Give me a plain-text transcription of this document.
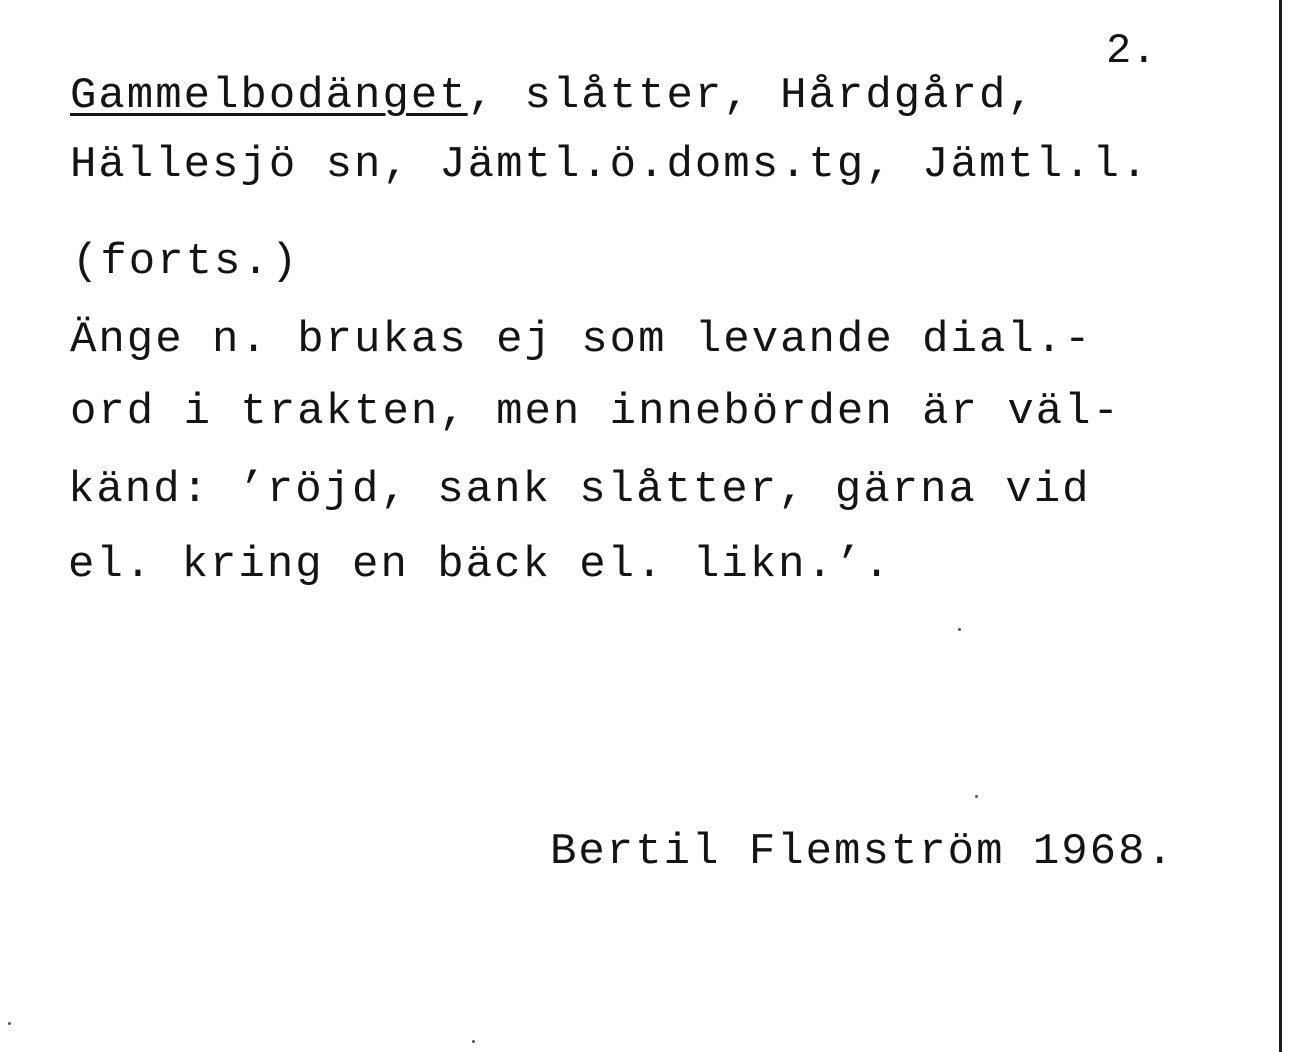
2.
Gammelbodänget, slåtter, Hårdgård,
Hällesjö sn, Jämtl.ö.doms.tg, Jämtl.l.
(forts.)
Änge n. brukas ej som levande dial.-
ord i trakten, men innebörden är väl-
känd: ’röjd, sank slåtter, gärna vid
el. kring en bäck el. likn.’.
Bertil Flemström 1968.
